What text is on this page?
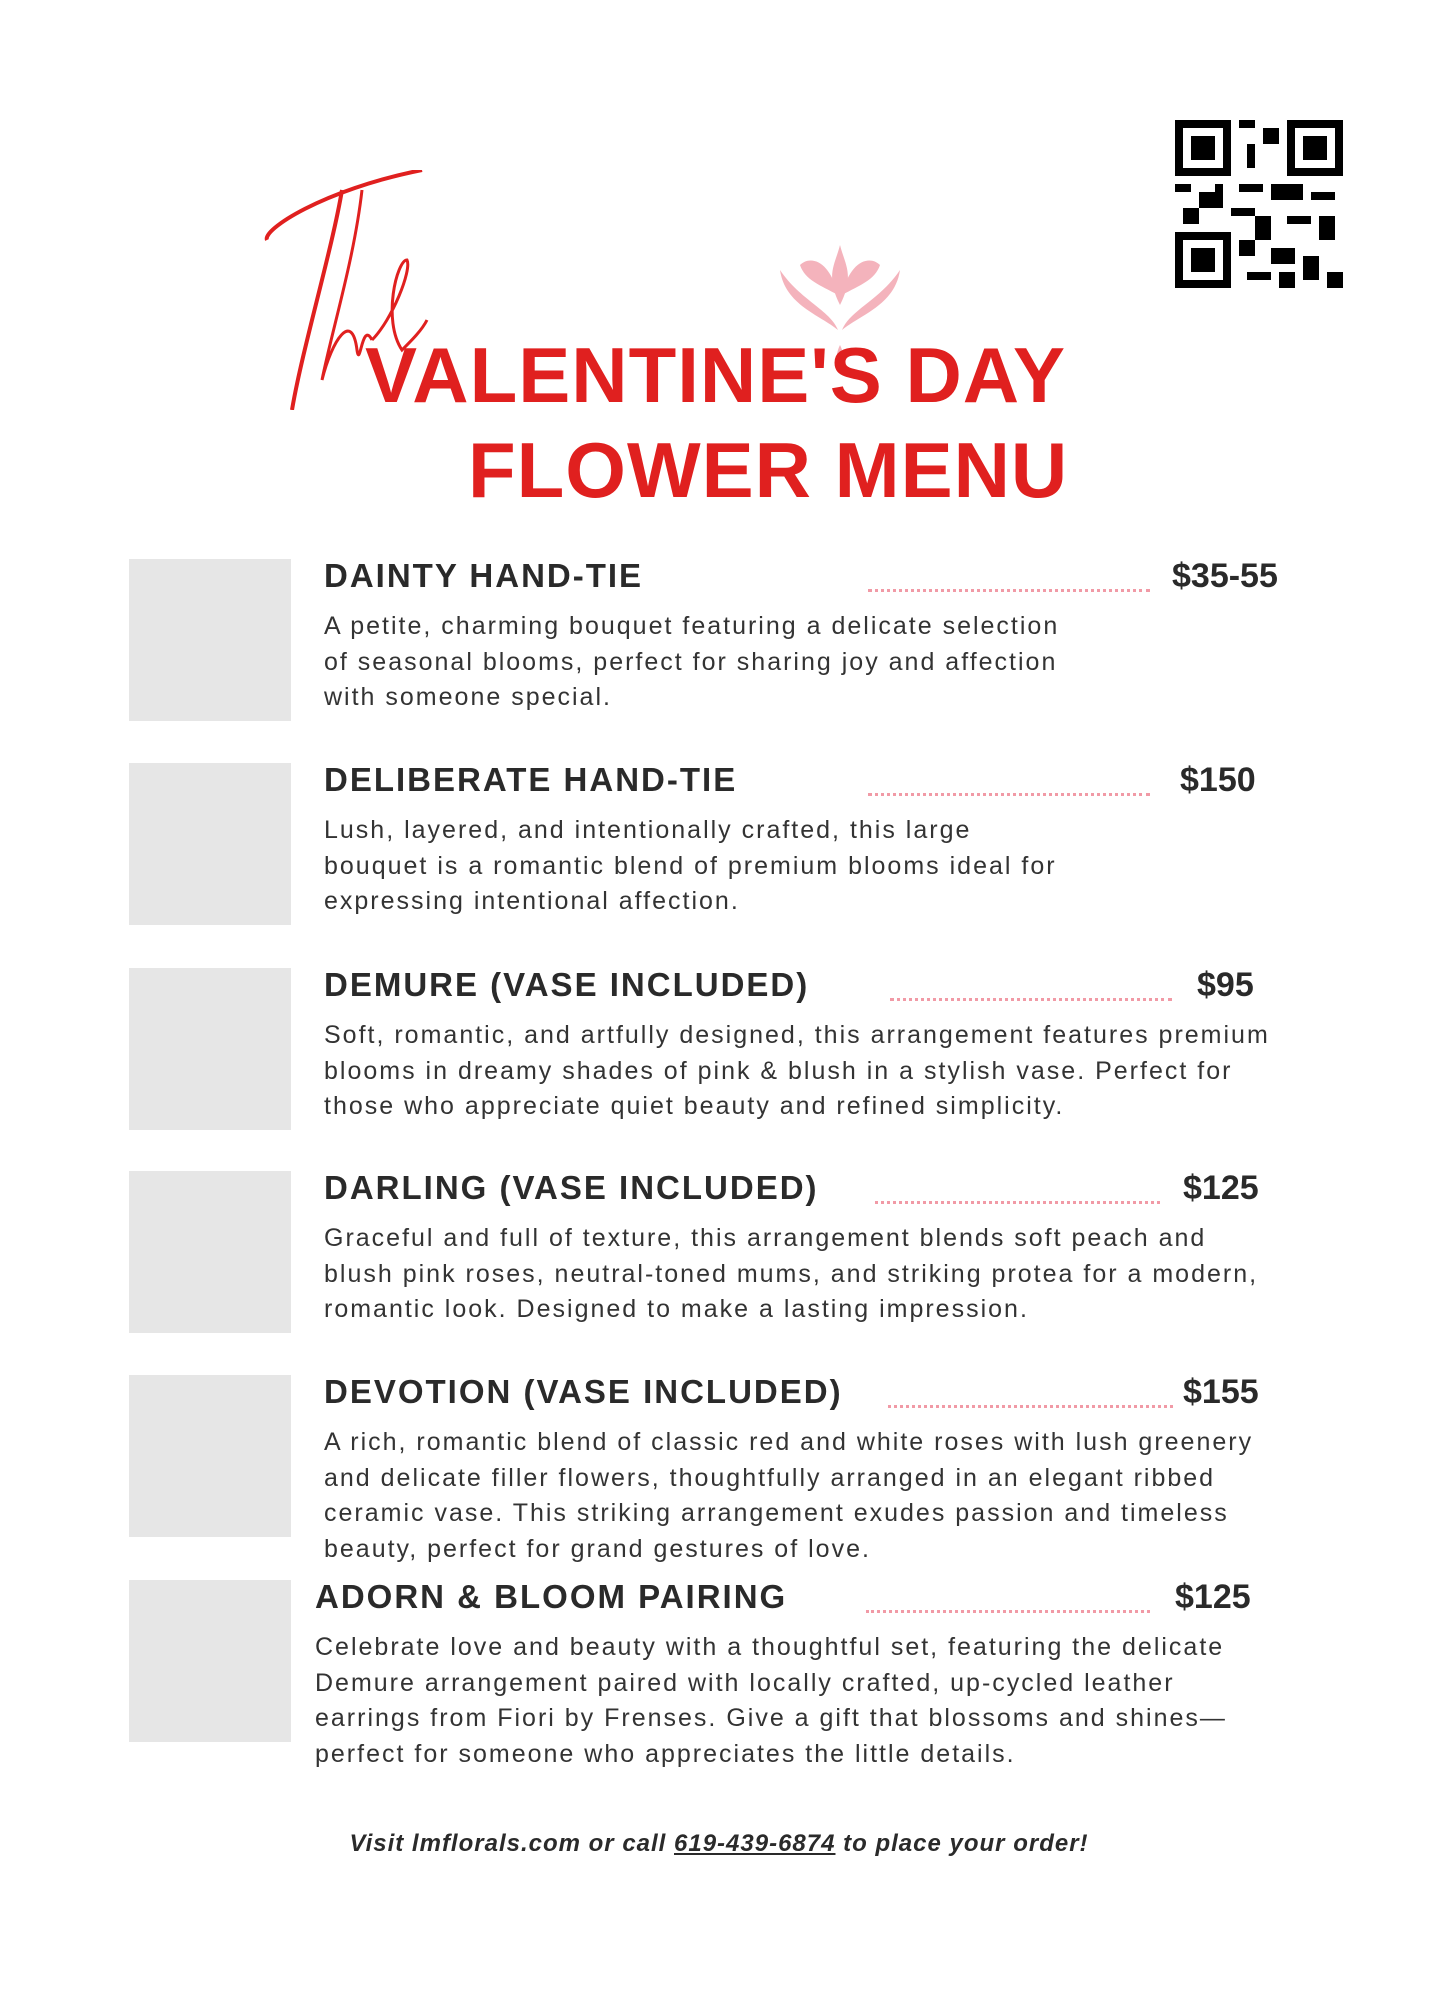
VALENTINE'S DAY
FLOWER MENU
DAINTY HAND-TIE	$35-55
A petite, charming bouquet featuring a delicate selection of seasonal blooms, perfect for sharing joy and affection with someone special.
DELIBERATE HAND-TIE	$150
Lush, layered, and intentionally crafted, this large bouquet is a romantic blend of premium blooms ideal for expressing intentional affection.
DEMURE (VASE INCLUDED)	$95
Soft, romantic, and artfully designed, this arrangement features premium blooms in dreamy shades of pink & blush in a stylish vase. Perfect for those who appreciate quiet beauty and refined simplicity.
DARLING (VASE INCLUDED)	$125
Graceful and full of texture, this arrangement blends soft peach and blush pink roses, neutral-toned mums, and striking protea for a modern, romantic look. Designed to make a lasting impression.
DEVOTION (VASE INCLUDED)	$155
A rich, romantic blend of classic red and white roses with lush greenery and delicate filler flowers, thoughtfully arranged in an elegant ribbed ceramic vase. This striking arrangement exudes passion and timeless beauty, perfect for grand gestures of love.
ADORN & BLOOM PAIRING	$125
Celebrate love and beauty with a thoughtful set, featuring the delicate Demure arrangement paired with locally crafted, up-cycled leather earrings from Fiori by Frenses. Give a gift that blossoms and shines—perfect for someone who appreciates the little details.
Visit lmflorals.com or call 619-439-6874 to place your order!
